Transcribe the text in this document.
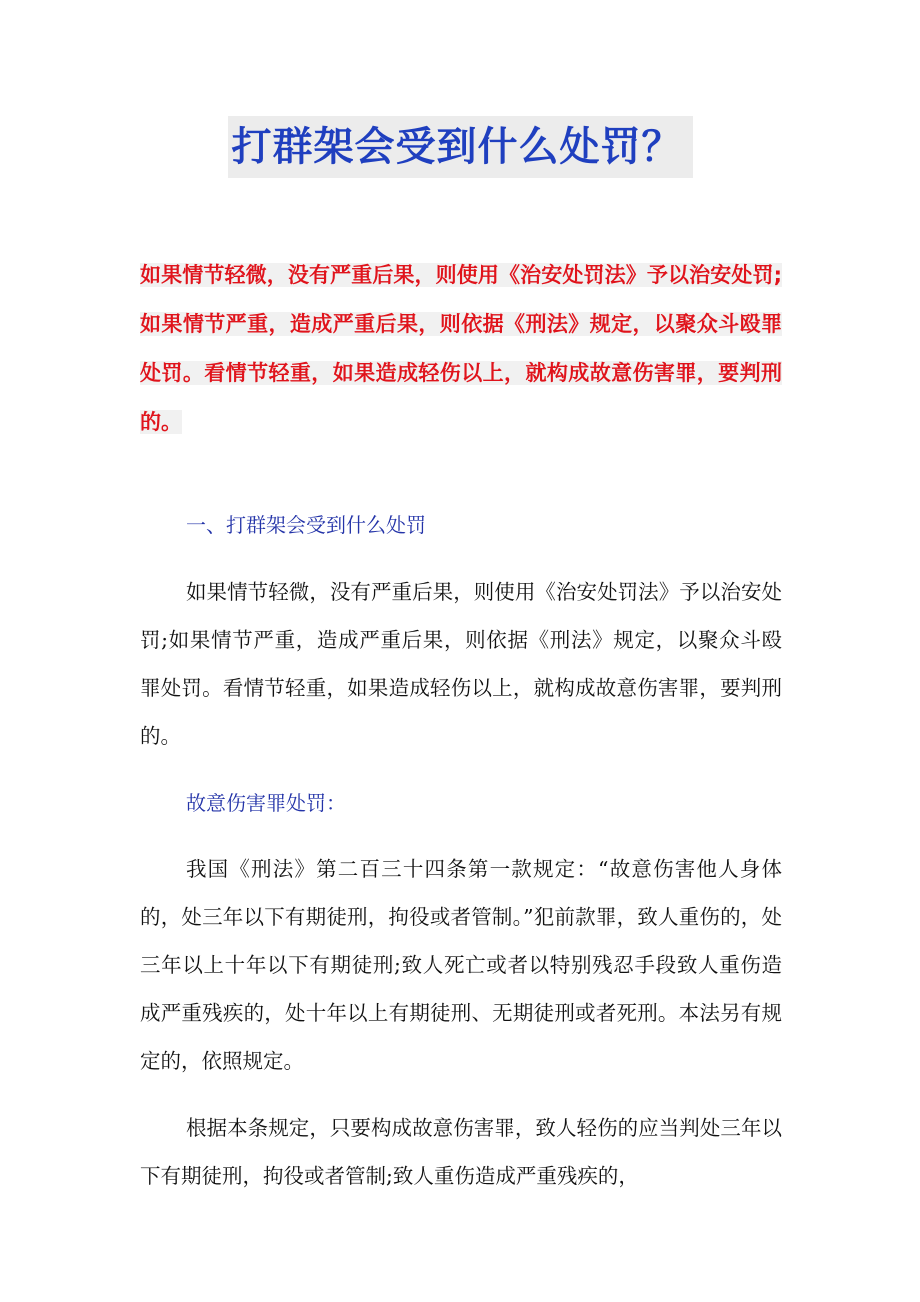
打群架会受到什么处罚？

如果情节轻微，没有严重后果，则使用《治安处罚法》予以治安处罚;如果情节严重，造成严重后果，则依据《刑法》规定，以聚众斗殴罪处罚。看情节轻重，如果造成轻伤以上，就构成故意伤害罪，要判刑的。

一、打群架会受到什么处罚

如果情节轻微，没有严重后果，则使用《治安处罚法》予以治安处罚;如果情节严重，造成严重后果，则依据《刑法》规定，以聚众斗殴罪处罚。看情节轻重，如果造成轻伤以上，就构成故意伤害罪，要判刑的。

故意伤害罪处罚：

我国《刑法》第二百三十四条第一款规定：“故意伤害他人身体的，处三年以下有期徒刑，拘役或者管制。”犯前款罪，致人重伤的，处三年以上十年以下有期徒刑;致人死亡或者以特别残忍手段致人重伤造成严重残疾的，处十年以上有期徒刑、无期徒刑或者死刑。本法另有规定的，依照规定。

根据本条规定，只要构成故意伤害罪，致人轻伤的应当判处三年以下有期徒刑，拘役或者管制;致人重伤造成严重残疾的，
